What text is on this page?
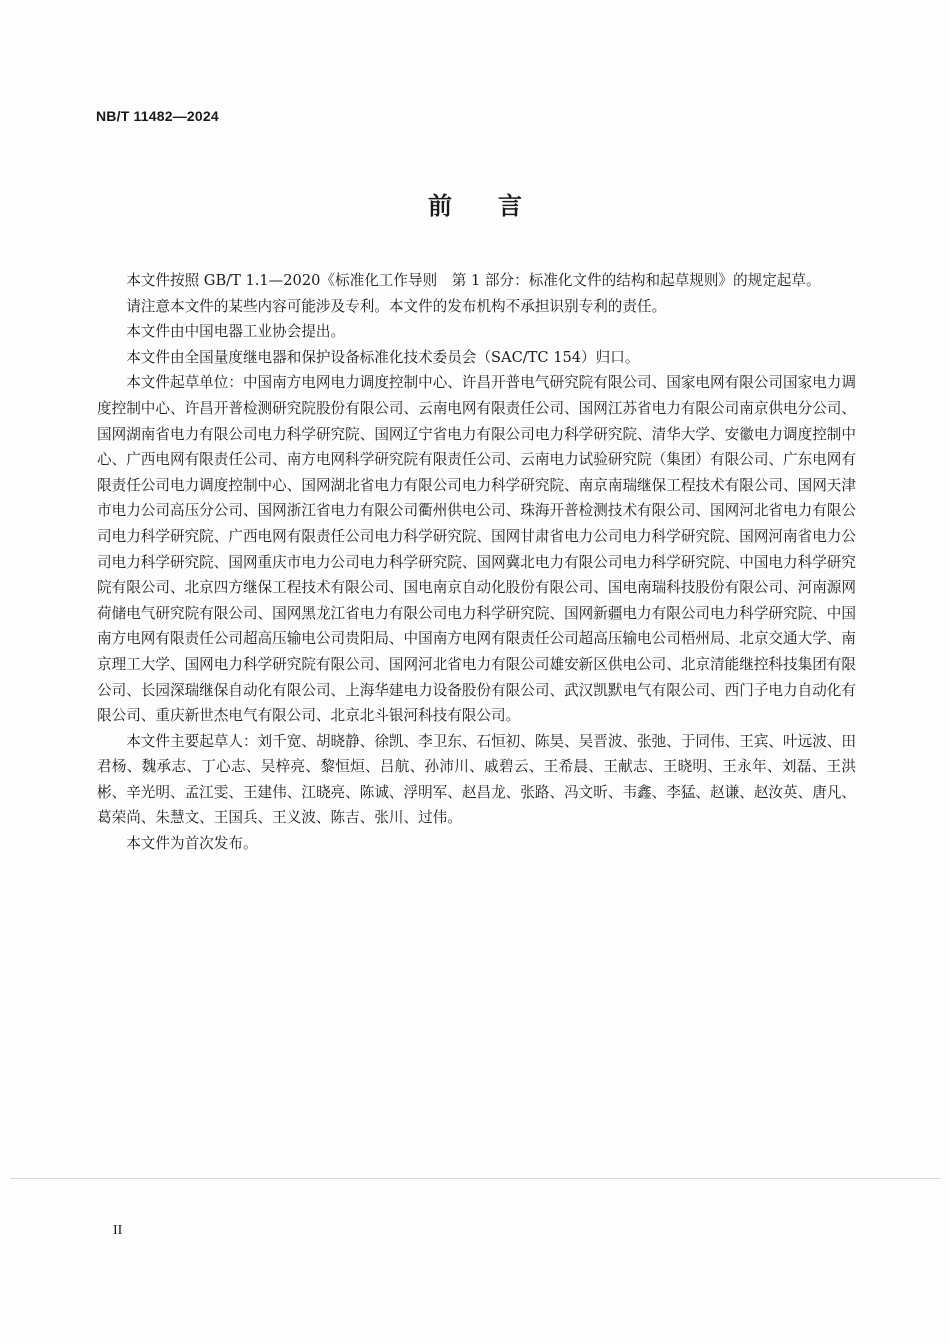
NB/T 11482—2024
前言

本文件按照 GB/T 1.1—2020《标准化工作导则　第 1 部分：标准化文件的结构和起草规则》的规定起草。

请注意本文件的某些内容可能涉及专利。本文件的发布机构不承担识别专利的责任。

本文件由中国电器工业协会提出。

本文件由全国量度继电器和保护设备标准化技术委员会（SAC/TC 154）归口。

本文件起草单位：中国南方电网电力调度控制中心、许昌开普电气研究院有限公司、国家电网有限公司国家电力调度控制中心、许昌开普检测研究院股份有限公司、云南电网有限责任公司、国网江苏省电力有限公司南京供电分公司、国网湖南省电力有限公司电力科学研究院、国网辽宁省电力有限公司电力科学研究院、清华大学、安徽电力调度控制中心、广西电网有限责任公司、南方电网科学研究院有限责任公司、云南电力试验研究院（集团）有限公司、广东电网有限责任公司电力调度控制中心、国网湖北省电力有限公司电力科学研究院、南京南瑞继保工程技术有限公司、国网天津市电力公司高压分公司、国网浙江省电力有限公司衢州供电公司、珠海开普检测技术有限公司、国网河北省电力有限公司电力科学研究院、广西电网有限责任公司电力科学研究院、国网甘肃省电力公司电力科学研究院、国网河南省电力公司电力科学研究院、国网重庆市电力公司电力科学研究院、国网冀北电力有限公司电力科学研究院、中国电力科学研究院有限公司、北京四方继保工程技术有限公司、国电南京自动化股份有限公司、国电南瑞科技股份有限公司、河南源网荷储电气研究院有限公司、国网黑龙江省电力有限公司电力科学研究院、国网新疆电力有限公司电力科学研究院、中国南方电网有限责任公司超高压输电公司贵阳局、中国南方电网有限责任公司超高压输电公司梧州局、北京交通大学、南京理工大学、国网电力科学研究院有限公司、国网河北省电力有限公司雄安新区供电公司、北京清能继控科技集团有限公司、长园深瑞继保自动化有限公司、上海华建电力设备股份有限公司、武汉凯默电气有限公司、西门子电力自动化有限公司、重庆新世杰电气有限公司、北京北斗银河科技有限公司。

本文件主要起草人：刘千宽、胡晓静、徐凯、李卫东、石恒初、陈昊、吴晋波、张弛、于同伟、王宾、叶远波、田君杨、魏承志、丁心志、吴梓亮、黎恒烜、吕航、孙沛川、戚碧云、王希晨、王献志、王晓明、王永年、刘磊、王洪彬、辛光明、孟江雯、王建伟、江晓亮、陈诚、浮明军、赵昌龙、张路、冯文昕、韦鑫、李猛、赵谦、赵汝英、唐凡、葛荣尚、朱慧文、王国兵、王义波、陈吉、张川、过伟。

本文件为首次发布。

II
